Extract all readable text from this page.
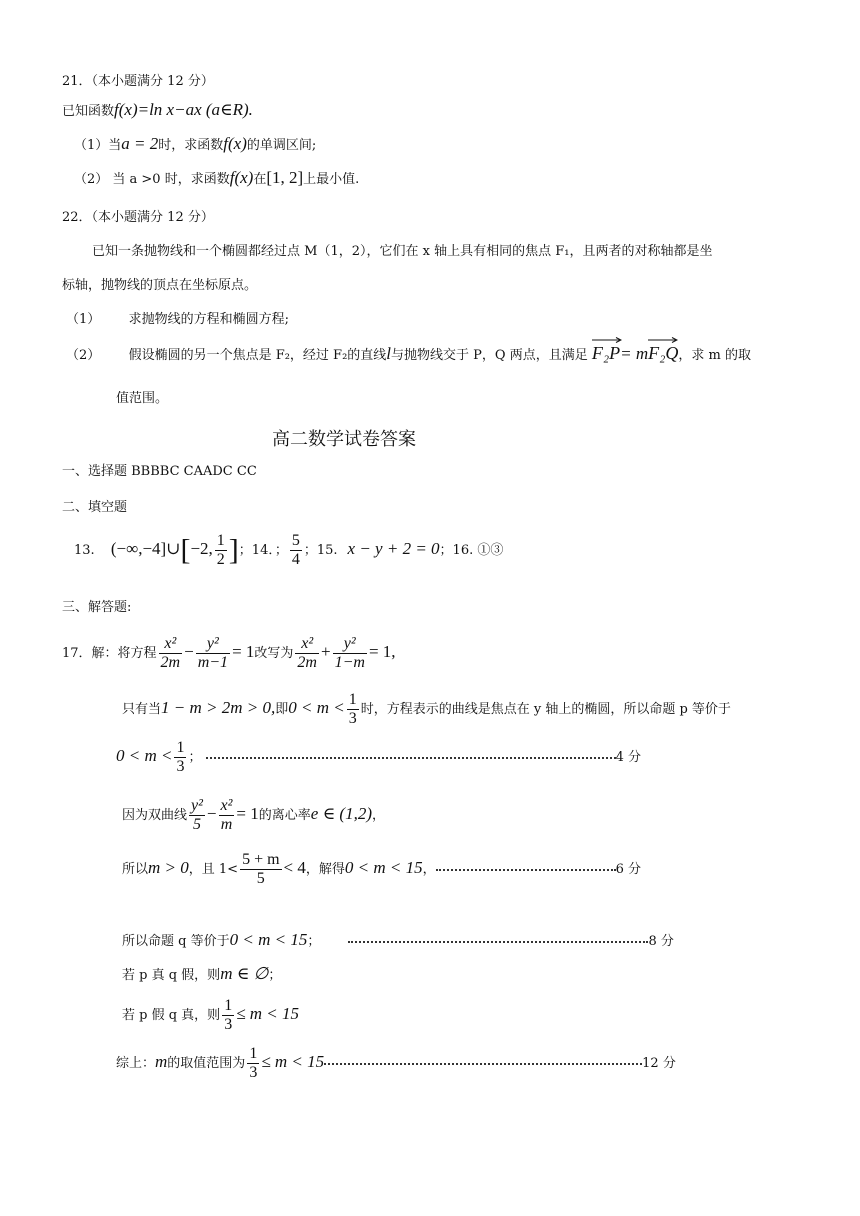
21．（本小题满分 12 分）
已知函数f(x)=ln x−ax (a∈R).
（1）当a = 2时，求函数f(x)的单调区间;
（2） 当 a >0 时，求函数f(x)在[1, 2]上最小值.
22．（本小题满分 12 分）
已知一条抛物线和一个椭圆都经过点 M（1，2），它们在 x 轴上具有相同的焦点 F₁，且两者的对称轴都是坐
标轴，抛物线的顶点在坐标原点。
（1） 求抛物线的方程和椭圆方程;
（2） 假设椭圆的另一个焦点是 F₂，经过 F₂的直线l与抛物线交于 P，Q 两点，且满足 F₂P= m
F₂Q，求 m 的取
值范围。
高二数学试卷答案
一、选择题 BBBBC CAADC CC
二、填空题
13. (−∞,−4]∪[−2, $\frac{1}{2}$ ]；14．； $\frac{5}{4}$ ；15. x − y + 2 = 0；16. ①③
三、解答题:
17．解：将方程 $\frac{\text{x²}}{2m} - \frac{\text{y²}}{m-1} = 1$改写为 $\frac{\text{x²}}{2m} + \frac{\text{y²}}{1-m} = 1$,
只有当1 − m > 2m > 0,即$0 < m < \frac{1}{3}$ 时，方程表示的曲线是焦点在 y 轴上的椭圆，所以命题 p 等价于
$0 < m < \frac{1}{3}$ ；	4 分
因为双曲线 $\frac{\text{y²}}{5} - \frac{\text{x²}}{m} = 1$的离心率e ∈ (1,2)，
所以m > 0，且 $1< \frac{5 + m}{5} < 4$，解得0 < m < 15，	6 分
所以命题 q 等价于0 < m < 15；	8 分
若 p 真 q 假，则m ∈ ∅；
若 p 假 q 真，则 $\frac{1}{3} \le m < 15$
综上：m的取值范围为 $\frac{1}{3} \le m < 15$	12 分
